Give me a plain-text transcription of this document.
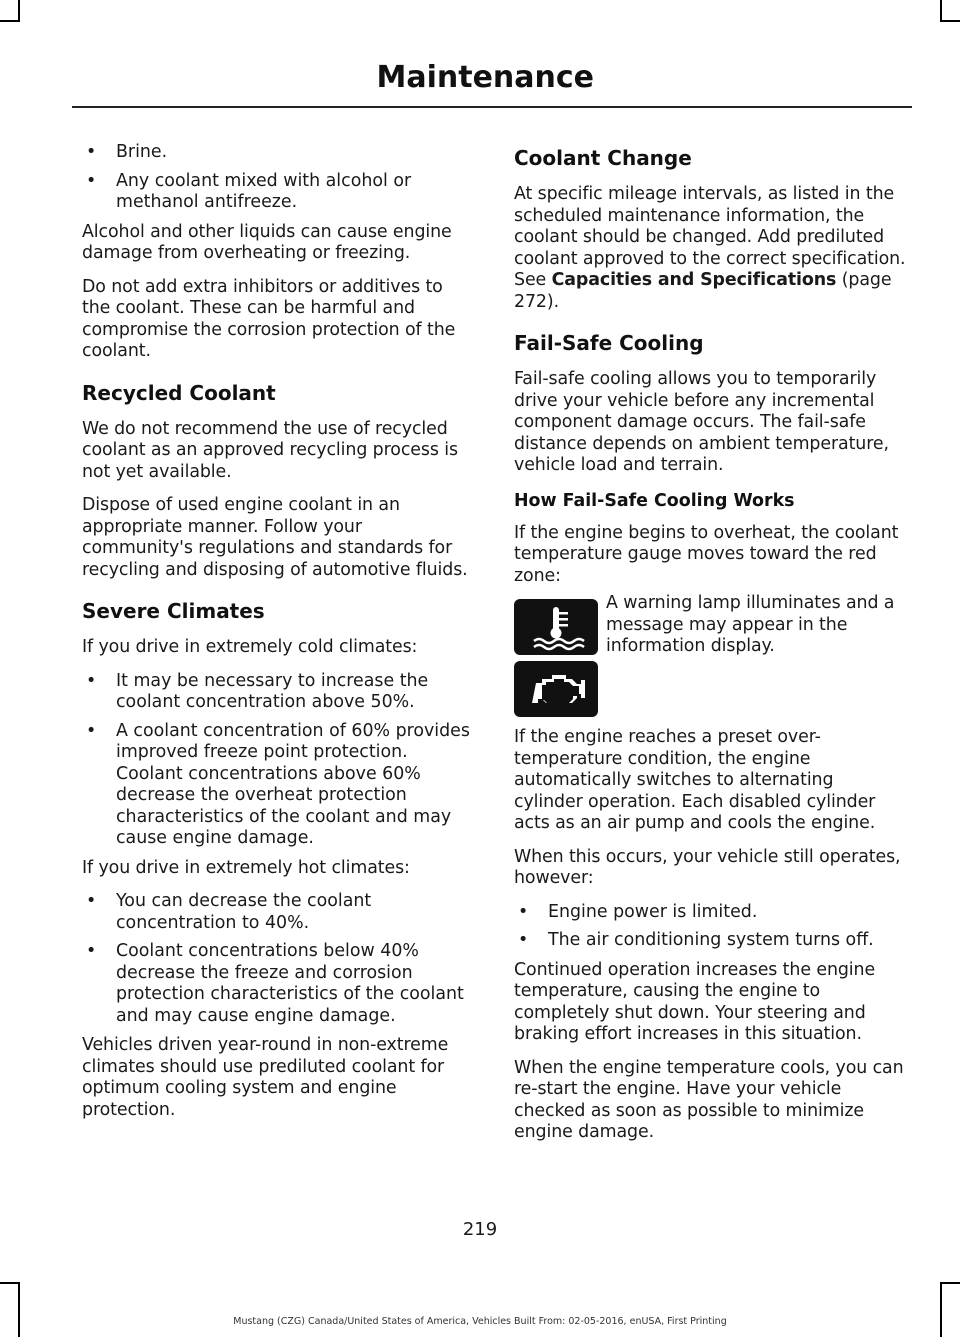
Maintenance
• Brine.
• Any coolant mixed with alcohol or methanol antifreeze.

Alcohol and other liquids can cause engine damage from overheating or freezing.

Do not add extra inhibitors or additives to the coolant. These can be harmful and compromise the corrosion protection of the coolant.

Recycled Coolant

We do not recommend the use of recycled coolant as an approved recycling process is not yet available.

Dispose of used engine coolant in an appropriate manner. Follow your community's regulations and standards for recycling and disposing of automotive fluids.

Severe Climates

If you drive in extremely cold climates:

• It may be necessary to increase the coolant concentration above 50%.
• A coolant concentration of 60% provides improved freeze point protection. Coolant concentrations above 60% decrease the overheat protection characteristics of the coolant and may cause engine damage.

If you drive in extremely hot climates:

• You can decrease the coolant concentration to 40%.
• Coolant concentrations below 40% decrease the freeze and corrosion protection characteristics of the coolant and may cause engine damage.

Vehicles driven year-round in non-extreme climates should use prediluted coolant for optimum cooling system and engine protection.

Coolant Change

At specific mileage intervals, as listed in the scheduled maintenance information, the coolant should be changed. Add prediluted coolant approved to the correct specification. See Capacities and Specifications (page 272).

Fail-Safe Cooling

Fail-safe cooling allows you to temporarily drive your vehicle before any incremental component damage occurs. The fail-safe distance depends on ambient temperature, vehicle load and terrain.

How Fail-Safe Cooling Works

If the engine begins to overheat, the coolant temperature gauge moves toward the red zone:

A warning lamp illuminates and a message may appear in the information display.

If the engine reaches a preset over-temperature condition, the engine automatically switches to alternating cylinder operation. Each disabled cylinder acts as an air pump and cools the engine.

When this occurs, your vehicle still operates, however:

• Engine power is limited.
• The air conditioning system turns off.

Continued operation increases the engine temperature, causing the engine to completely shut down. Your steering and braking effort increases in this situation.

When the engine temperature cools, you can re-start the engine. Have your vehicle checked as soon as possible to minimize engine damage.

219
Mustang (CZG) Canada/United States of America, Vehicles Built From: 02-05-2016, enUSA, First Printing
